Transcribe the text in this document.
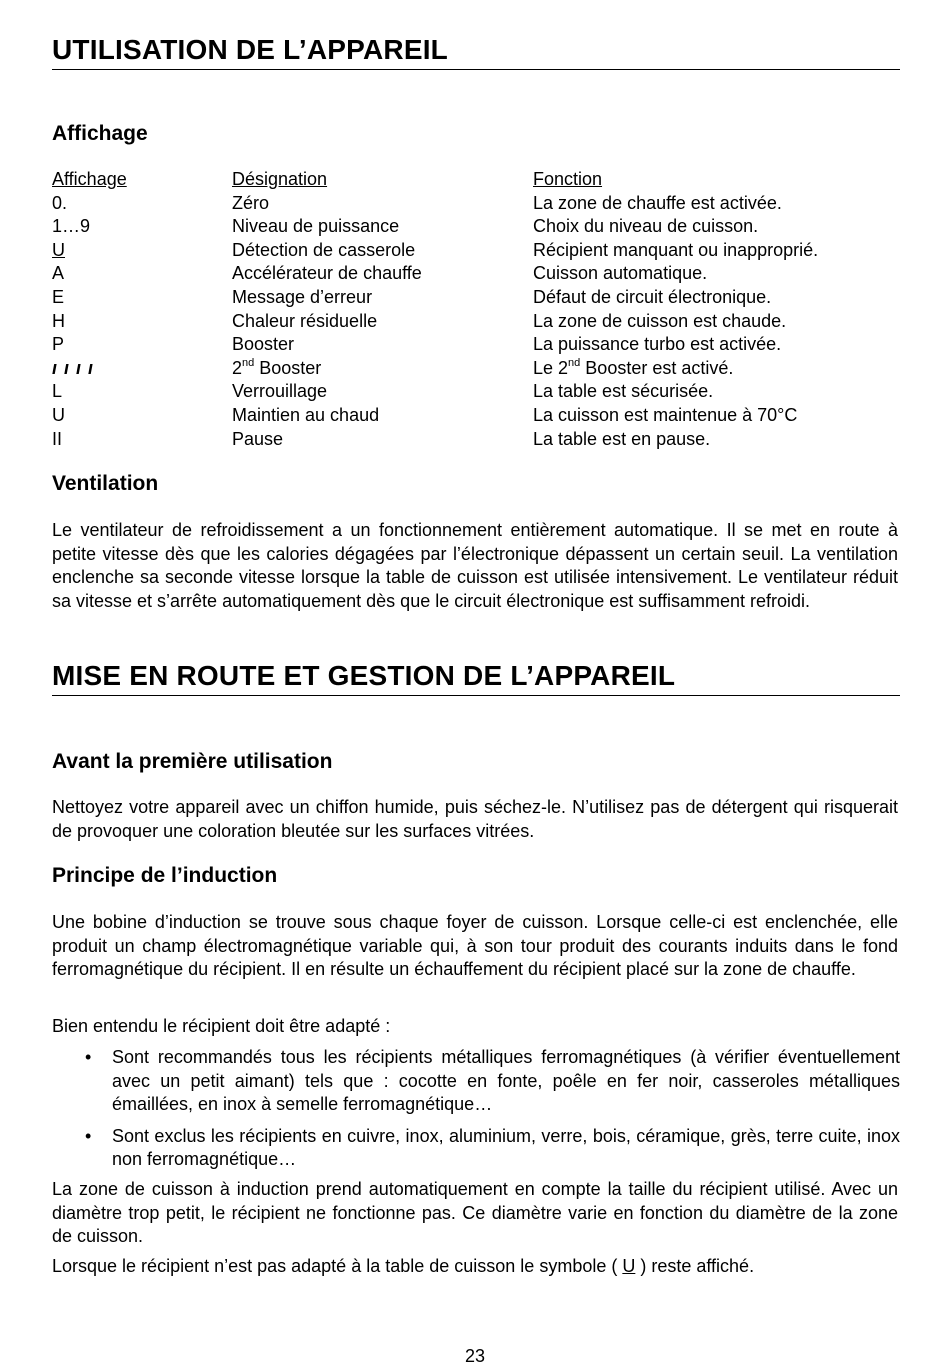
UTILISATION DE L’APPAREIL
Affichage
Affichage	Désignation	Fonction
0.	Zéro	La zone de chauffe est activée.
1…9	Niveau de puissance	Choix du niveau de cuisson.
U	Détection de casserole	Récipient manquant ou inapproprié.
A	Accélérateur de chauffe	Cuisson automatique.
E	Message d’erreur	Défaut de circuit électronique.
H	Chaleur résiduelle	La zone de cuisson est chaude.
P	Booster	La puissance turbo est activée.
ı ı ı ı	2nd Booster	Le 2nd Booster est activé.
L	Verrouillage	La table est sécurisée.
U	Maintien au chaud	La cuisson est maintenue à 70°C
II	Pause	La table est en pause.
Ventilation
Le ventilateur de refroidissement a un fonctionnement entièrement automatique. Il se met en route à petite vitesse dès que les calories dégagées par l’électronique dépassent un certain seuil. La ventilation enclenche sa seconde vitesse lorsque la table de cuisson est utilisée intensivement. Le ventilateur réduit sa vitesse et s’arrête automatiquement dès que le circuit électronique est suffisamment refroidi.
MISE EN ROUTE ET GESTION DE L’APPAREIL
Avant la première utilisation
Nettoyez votre appareil avec un chiffon humide, puis séchez-le. N’utilisez pas de détergent qui risquerait de provoquer une coloration bleutée sur les surfaces vitrées.
Principe de l’induction
Une bobine d’induction se trouve sous chaque foyer de cuisson. Lorsque celle-ci est enclenchée, elle produit un champ électromagnétique variable qui, à son tour produit des courants induits dans le fond ferromagnétique du récipient. Il en résulte un échauffement du récipient placé sur la zone de chauffe.
Bien entendu le récipient doit être adapté :
• Sont recommandés tous les récipients métalliques ferromagnétiques (à vérifier éventuellement avec un petit aimant) tels que : cocotte en fonte, poêle en fer noir, casseroles métalliques émaillées, en inox à semelle ferromagnétique…
• Sont exclus les récipients en cuivre, inox, aluminium, verre, bois, céramique, grès, terre cuite, inox non ferromagnétique…
La zone de cuisson à induction prend automatiquement en compte la taille du récipient utilisé. Avec un diamètre trop petit, le récipient ne fonctionne pas. Ce diamètre varie en fonction du diamètre de la zone de cuisson.
Lorsque le récipient n’est pas adapté à la table de cuisson le symbole ( U ) reste affiché.
23
